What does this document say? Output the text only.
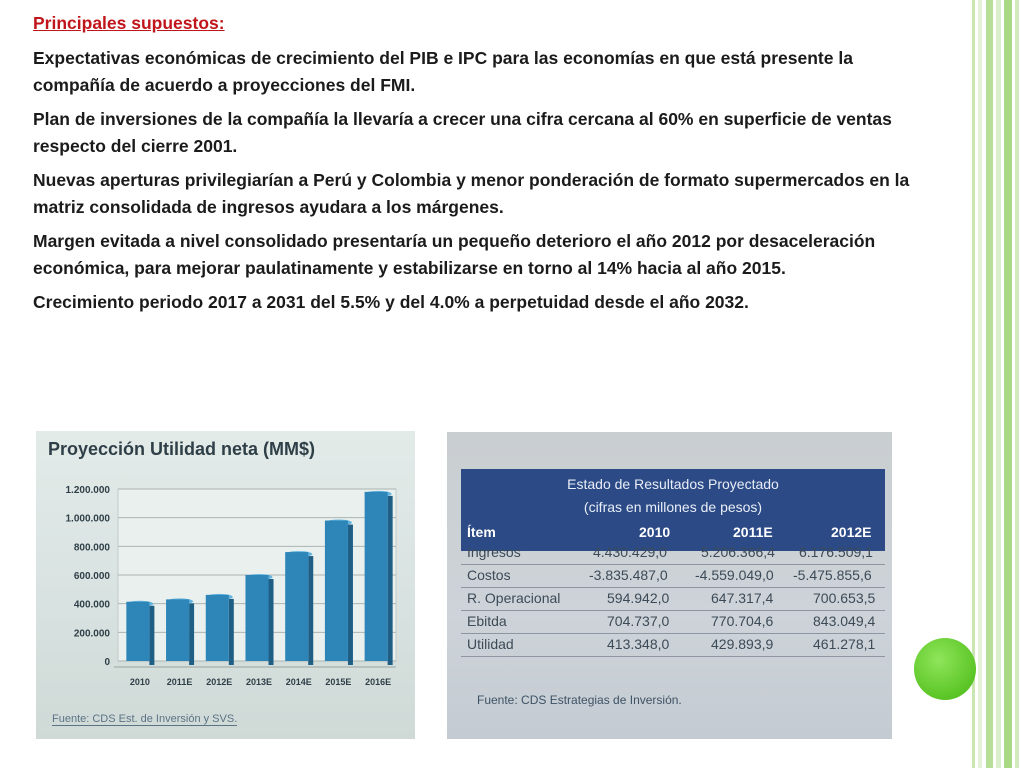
Principales supuestos:

Expectativas económicas de crecimiento del PIB e IPC para las economías en que está presente la compañía de acuerdo a proyecciones del FMI.

Plan de inversiones de la compañía la llevaría a crecer una cifra cercana al 60% en superficie de ventas respecto del cierre 2001.

Nuevas aperturas privilegiarían a Perú y Colombia y menor ponderación de formato supermercados en la matriz consolidada de ingresos ayudara a los márgenes.

Margen evitada a nivel consolidado presentaría un pequeño deterioro el año 2012 por desaceleración económica, para mejorar paulatinamente y estabilizarse en torno al 14% hacia al año 2015.

Crecimiento periodo 2017 a 2031 del 5.5% y del 4.0% a perpetuidad desde el año 2032.

Proyección Utilidad neta (MM$)
0
200.000
400.000
600.000
800.000
1.000.000
1.200.000
2010 2011E 2012E 2013E 2014E 2015E 2016E
Fuente: CDS Est. de Inversión y SVS.
Estado de Resultados Proyectado
(cifras en millones de pesos)
Ítem	2010	2011E	2012E
Ingresos	4.430.429,0 5.206.366,4 6.176.509,1
Costos	-3.835.487,0 -4.559.049,0 -5.475.855,6
R. Operacional	594.942,0	647.317,4	700.653,5
Ebitda	704.737,0	770.704,6	843.049,4
Utilidad	413.348,0	429.893,9	461.278,1
Fuente: CDS Estrategias de Inversión.
